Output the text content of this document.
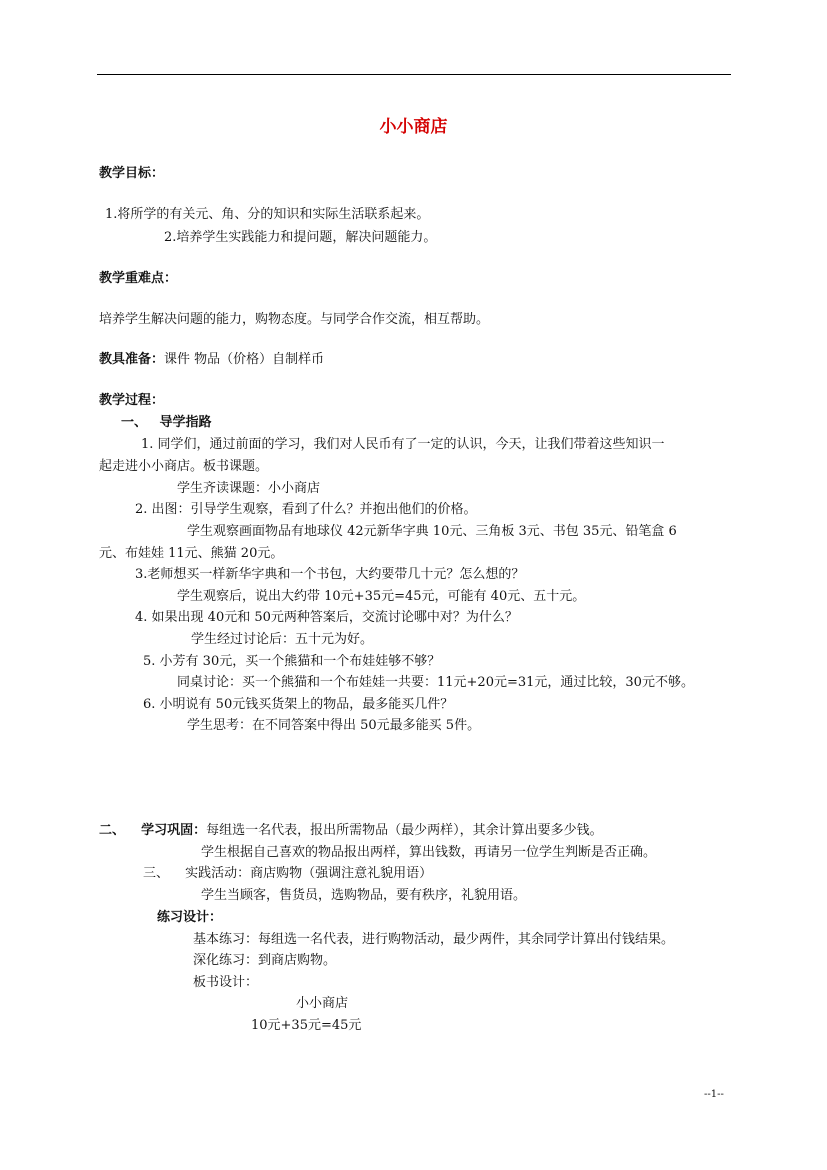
小小商店
教学目标：
1.将所学的有关元、角、分的知识和实际生活联系起来。
2.培养学生实践能力和提问题，解决问题能力。
教学重难点：
培养学生解决问题的能力，购物态度。与同学合作交流，相互帮助。
教具准备：课件 物品（价格）自制样币
教学过程：
一、 导学指路
1. 同学们，通过前面的学习，我们对人民币有了一定的认识，今天，让我们带着这些知识一
起走进小小商店。板书课题。
学生齐读课题：小小商店
2. 出图：引导学生观察，看到了什么？并抱出他们的价格。
学生观察画面物品有地球仪 42元新华字典 10元、三角板 3元、书包 35元、铅笔盒 6
元、布娃娃 11元、熊猫 20元。
3.老师想买一样新华字典和一个书包，大约要带几十元？怎么想的？
学生观察后，说出大约带 10元+35元=45元，可能有 40元、五十元。
4. 如果出现 40元和 50元两种答案后，交流讨论哪中对？为什么？
学生经过讨论后：五十元为好。
5. 小芳有 30元，买一个熊猫和一个布娃娃够不够？
同桌讨论：买一个熊猫和一个布娃娃一共要：11元+20元=31元，通过比较，30元不够。
6. 小明说有 50元钱买货架上的物品，最多能买几件？
学生思考：在不同答案中得出 50元最多能买 5件。
二、 学习巩固：每组选一名代表，报出所需物品（最少两样），其余计算出要多少钱。
学生根据自己喜欢的物品报出两样，算出钱数，再请另一位学生判断是否正确。
三、 实践活动：商店购物（强调注意礼貌用语）
学生当顾客，售货员，选购物品，要有秩序，礼貌用语。
练习设计：
基本练习：每组选一名代表，进行购物活动，最少两件，其余同学计算出付钱结果。
深化练习：到商店购物。
板书设计：
小小商店
10元+35元=45元
--1--
